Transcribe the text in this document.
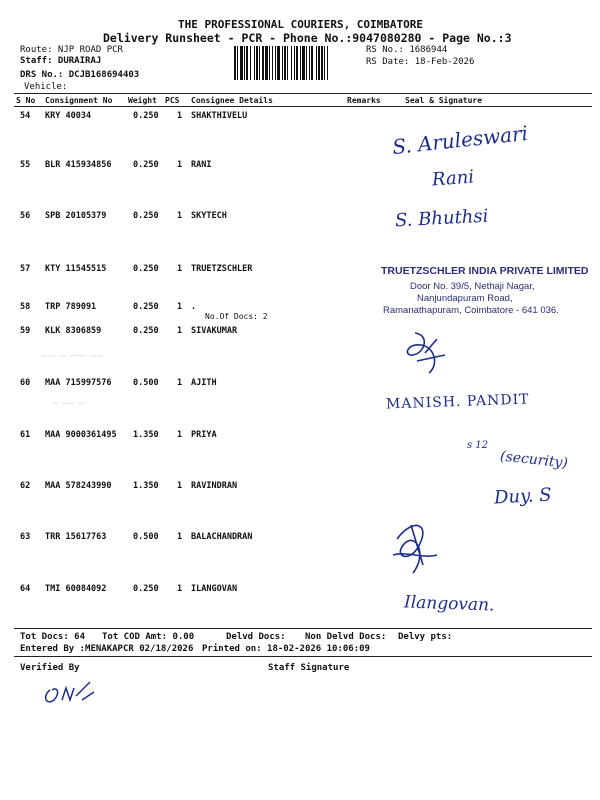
THE PROFESSIONAL COURIERS, COIMBATORE
Delivery Runsheet - PCR - Phone No.:9047080280 - Page No.:3
Route: NJP ROAD PCR
Staff: DURAIRAJ
DRS No.: DCJB168694403
Vehicle:
RS No.: 1686944
RS Date: 18-Feb-2026
S No Consignment No Weight PCS Consignee Details	Remarks	Seal & Signature
54 KRY 40034	0.250 1 SHAKTHIVELU
55 BLR 415934856	0.250 1 RANI
56 SPB 20105379	0.250 1 SKYTECH
57 KTY 11545515	0.250 1 TRUETZSCHLER
58 TRP 789091	0.250 1 .
No.Of Docs: 2
59 KLK 8306859	0.250 1 SIVAKUMAR
60 MAA 715997576	0.500 1 AJITH
61 MAA 9000361495 1.350 1 PRIYA
62 MAA 578243990	1.350 1 RAVINDRAN
63 TRR 15617763	0.500 1 BALACHANDRAN
64 TMI 60084092	0.250 1 ILANGOVAN
~~ ~ ~~ ~~
~ ~~ ~
S. Aruleswari
Rani
S. Bhuthsi
TRUETZSCHLER INDIA PRIVATE LIMITED
Door No. 39/5, Nethaji Nagar,
Nanjundapuram Road,
Ramanathapuram, Coimbatore - 641 036.
MANISH. PANDIT
s 12
(security)
Duy. S
Ilangovan.
Tot Docs: 64 Tot COD Amt: 0.00	Delvd Docs: Non Delvd Docs: Delvy pts:
Entered By :MENAKAPCR 02/18/2026 Printed on: 18-02-2026 10:06:09
Verified By	Staff Signature
